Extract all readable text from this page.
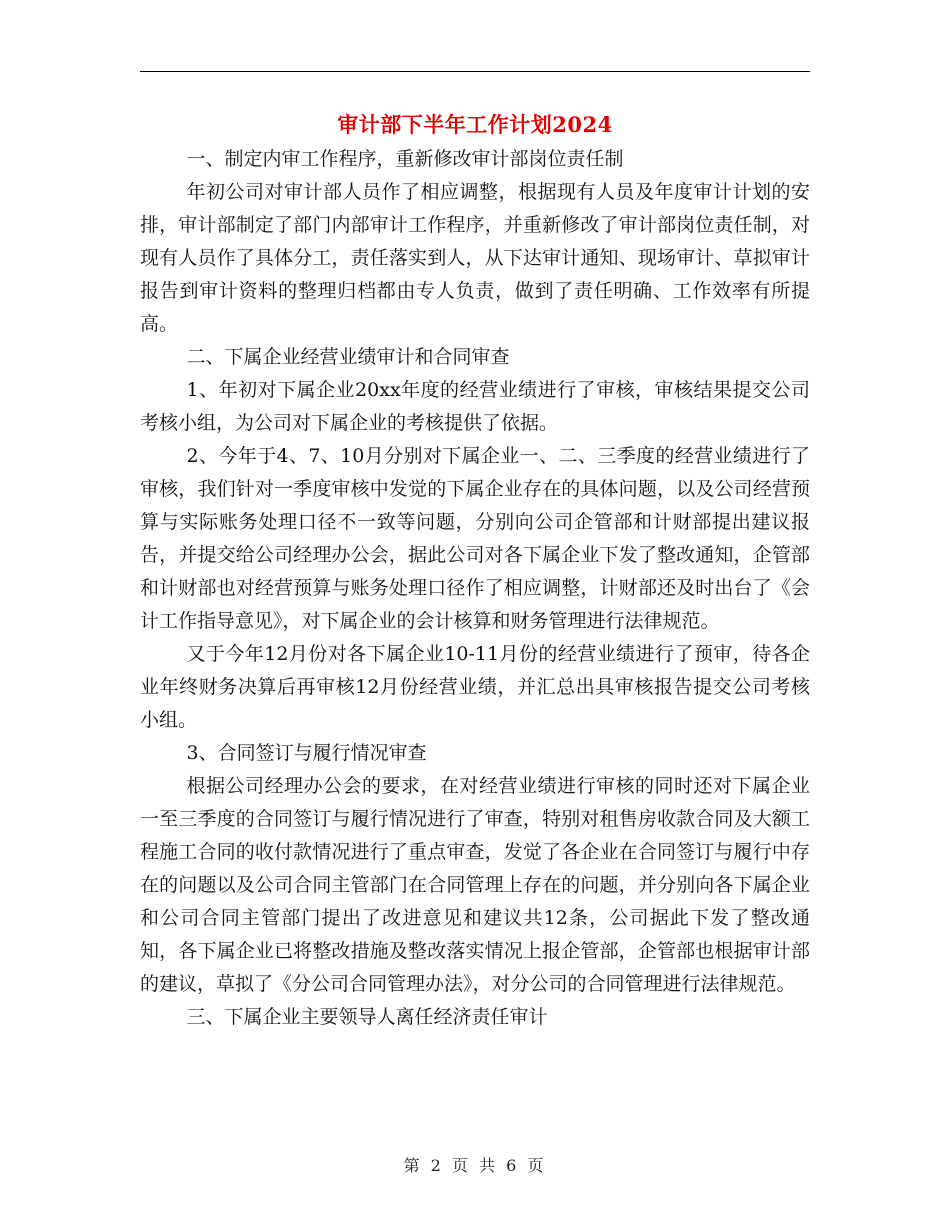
审计部下半年工作计划2024

一、制定内审工作程序，重新修改审计部岗位责任制

年初公司对审计部人员作了相应调整，根据现有人员及年度审计计划的安排，审计部制定了部门内部审计工作程序，并重新修改了审计部岗位责任制，对现有人员作了具体分工，责任落实到人，从下达审计通知、现场审计、草拟审计报告到审计资料的整理归档都由专人负责，做到了责任明确、工作效率有所提高。

二、下属企业经营业绩审计和合同审查

1、年初对下属企业20xx年度的经营业绩进行了审核，审核结果提交公司考核小组，为公司对下属企业的考核提供了依据。

2、今年于4、7、10月分别对下属企业一、二、三季度的经营业绩进行了审核，我们针对一季度审核中发觉的下属企业存在的具体问题，以及公司经营预算与实际账务处理口径不一致等问题，分别向公司企管部和计财部提出建议报告，并提交给公司经理办公会，据此公司对各下属企业下发了整改通知，企管部和计财部也对经营预算与账务处理口径作了相应调整，计财部还及时出台了《会计工作指导意见》，对下属企业的会计核算和财务管理进行法律规范。

又于今年12月份对各下属企业10-11月份的经营业绩进行了预审，待各企业年终财务决算后再审核12月份经营业绩，并汇总出具审核报告提交公司考核小组。

3、合同签订与履行情况审查

根据公司经理办公会的要求，在对经营业绩进行审核的同时还对下属企业一至三季度的合同签订与履行情况进行了审查，特别对租售房收款合同及大额工程施工合同的收付款情况进行了重点审查，发觉了各企业在合同签订与履行中存在的问题以及公司合同主管部门在合同管理上存在的问题，并分别向各下属企业和公司合同主管部门提出了改进意见和建议共12条，公司据此下发了整改通知，各下属企业已将整改措施及整改落实情况上报企管部，企管部也根据审计部的建议，草拟了《分公司合同管理办法》，对分公司的合同管理进行法律规范。

三、下属企业主要领导人离任经济责任审计

第 2 页 共 6 页
